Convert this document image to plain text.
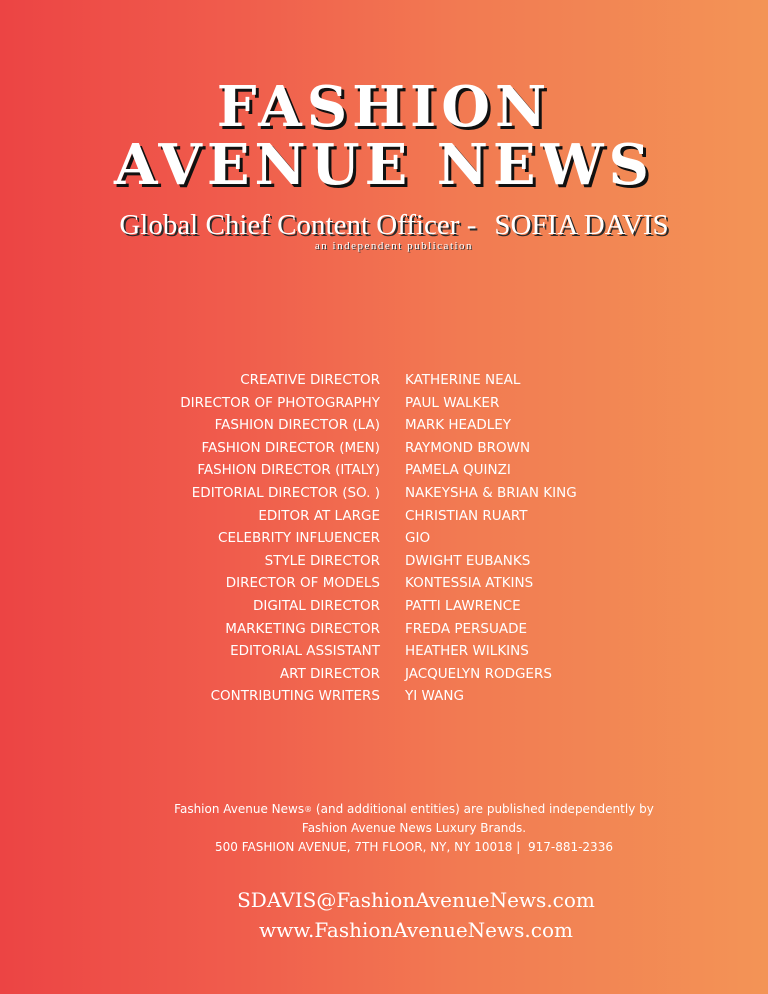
FASHION
AVENUE NEWS
Global Chief Content Officer - SOFIA DAVIS
an independent publication
CREATIVE DIRECTOR KATHERINE NEAL
DIRECTOR OF PHOTOGRAPHY PAUL WALKER
FASHION DIRECTOR (LA) MARK HEADLEY
FASHION DIRECTOR (MEN) RAYMOND BROWN
FASHION DIRECTOR (ITALY) PAMELA QUINZI
EDITORIAL DIRECTOR (SO. ) NAKEYSHA & BRIAN KING
EDITOR AT LARGE CHRISTIAN RUART
CELEBRITY INFLUENCER GIO
STYLE DIRECTOR DWIGHT EUBANKS
DIRECTOR OF MODELS KONTESSIA ATKINS
DIGITAL DIRECTOR PATTI LAWRENCE
MARKETING DIRECTOR FREDA PERSUADE
EDITORIAL ASSISTANT HEATHER WILKINS
ART DIRECTOR JACQUELYN RODGERS
CONTRIBUTING WRITERS YI WANG
Fashion Avenue News® (and additional entities) are published independently by
Fashion Avenue News Luxury Brands.
500 FASHION AVENUE, 7TH FLOOR, NY, NY 10018 | 917-881-2336
SDAVIS@FashionAvenueNews.com
www.FashionAvenueNews.com
